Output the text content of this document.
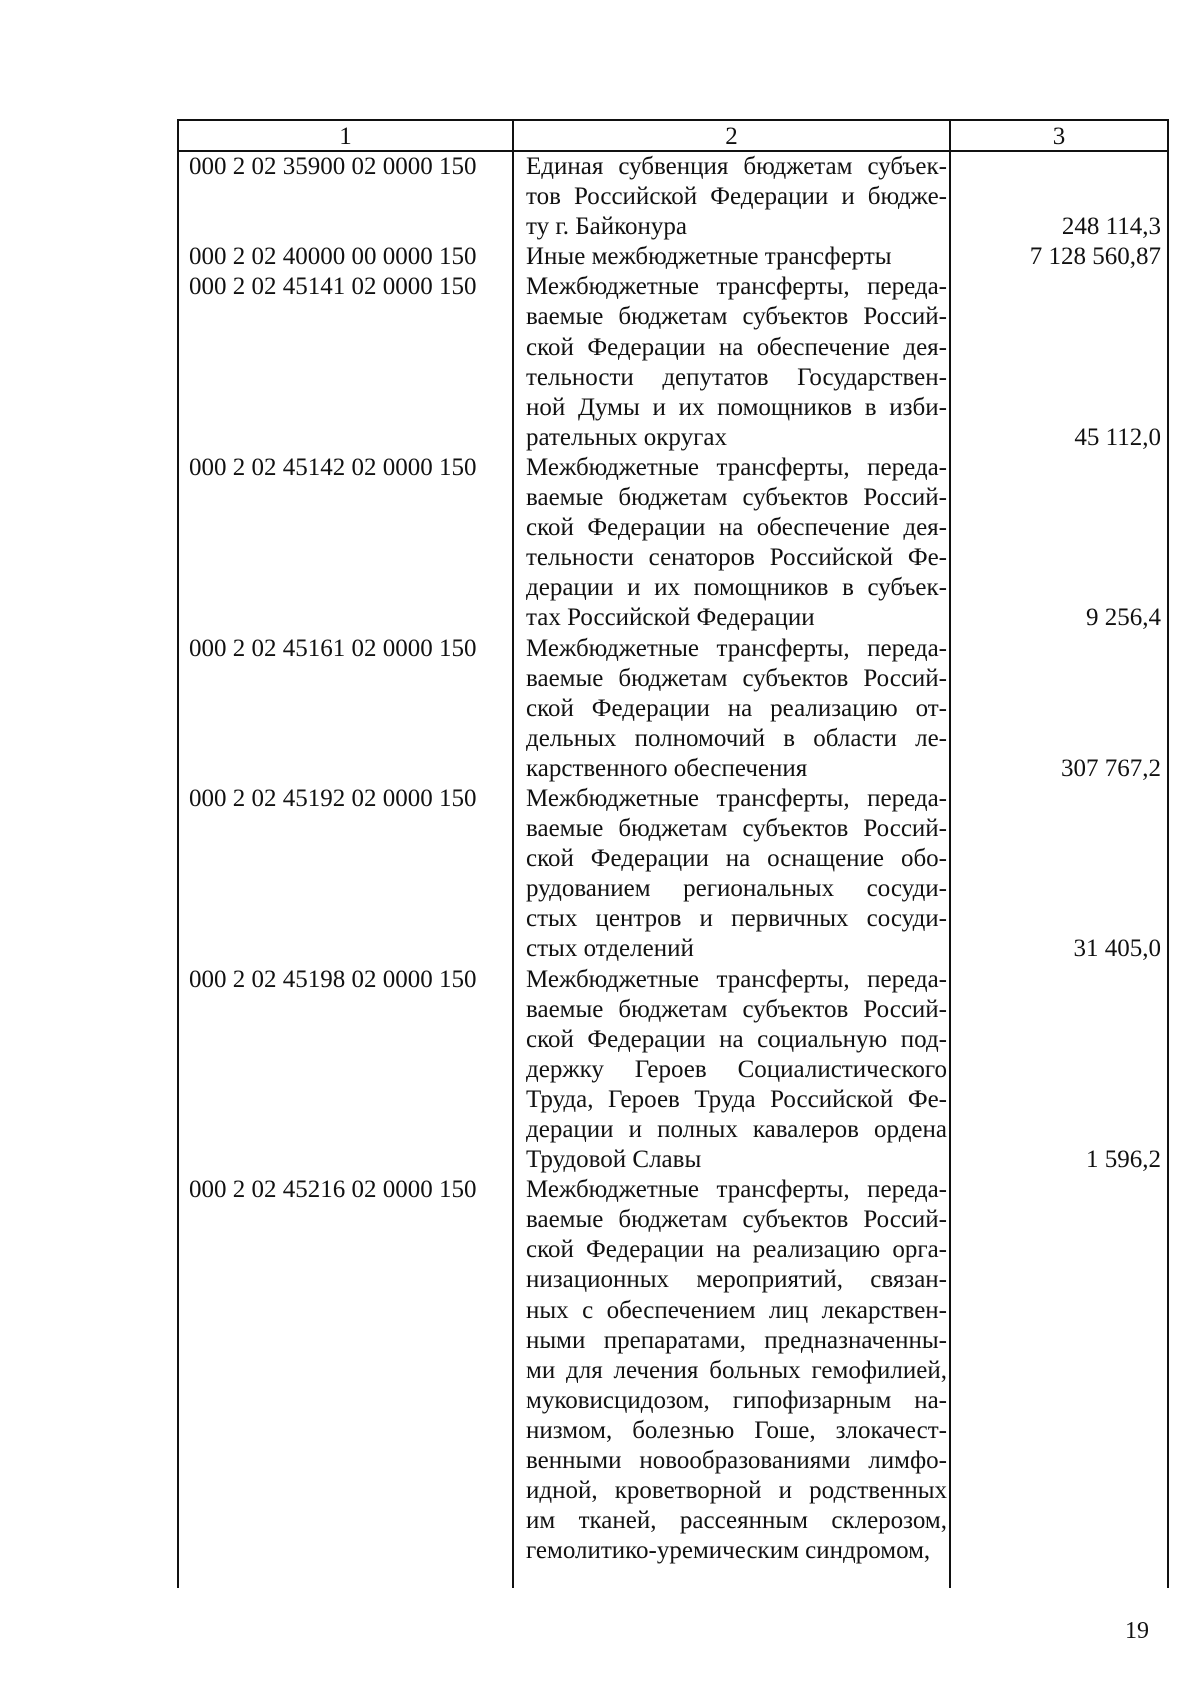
1	2	3
000 2 02 35900 02 0000 150	Единая субвенция бюджетам субъек-
тов Российской Федерации и бюдже-
ту г. Байконура	248 114,3
000 2 02 40000 00 0000 150	Иные межбюджетные трансферты	7 128 560,87
000 2 02 45141 02 0000 150	Межбюджетные трансферты, переда-
ваемые бюджетам субъектов Россий-
ской Федерации на обеспечение дея-
тельности депутатов Государствен-
ной Думы и их помощников в изби-
рательных округах	45 112,0
000 2 02 45142 02 0000 150	Межбюджетные трансферты, переда-
ваемые бюджетам субъектов Россий-
ской Федерации на обеспечение дея-
тельности сенаторов Российской Фе-
дерации и их помощников в субъек-
тах Российской Федерации	9 256,4
000 2 02 45161 02 0000 150	Межбюджетные трансферты, переда-
ваемые бюджетам субъектов Россий-
ской Федерации на реализацию от-
дельных полномочий в области ле-
карственного обеспечения	307 767,2
000 2 02 45192 02 0000 150	Межбюджетные трансферты, переда-
ваемые бюджетам субъектов Россий-
ской Федерации на оснащение обо-
рудованием региональных сосуди-
стых центров и первичных сосуди-
стых отделений	31 405,0
000 2 02 45198 02 0000 150	Межбюджетные трансферты, переда-
ваемые бюджетам субъектов Россий-
ской Федерации на социальную под-
держку Героев Социалистического
Труда, Героев Труда Российской Фе-
дерации и полных кавалеров ордена
Трудовой Славы	1 596,2
000 2 02 45216 02 0000 150	Межбюджетные трансферты, переда-
ваемые бюджетам субъектов Россий-
ской Федерации на реализацию орга-
низационных мероприятий, связан-
ных с обеспечением лиц лекарствен-
ными препаратами, предназначенны-
ми для лечения больных гемофилией,
муковисцидозом, гипофизарным на-
низмом, болезнью Гоше, злокачест-
венными новообразованиями лимфо-
идной, кроветворной и родственных
им тканей, рассеянным склерозом,
гемолитико-уремическим синдромом,
19
